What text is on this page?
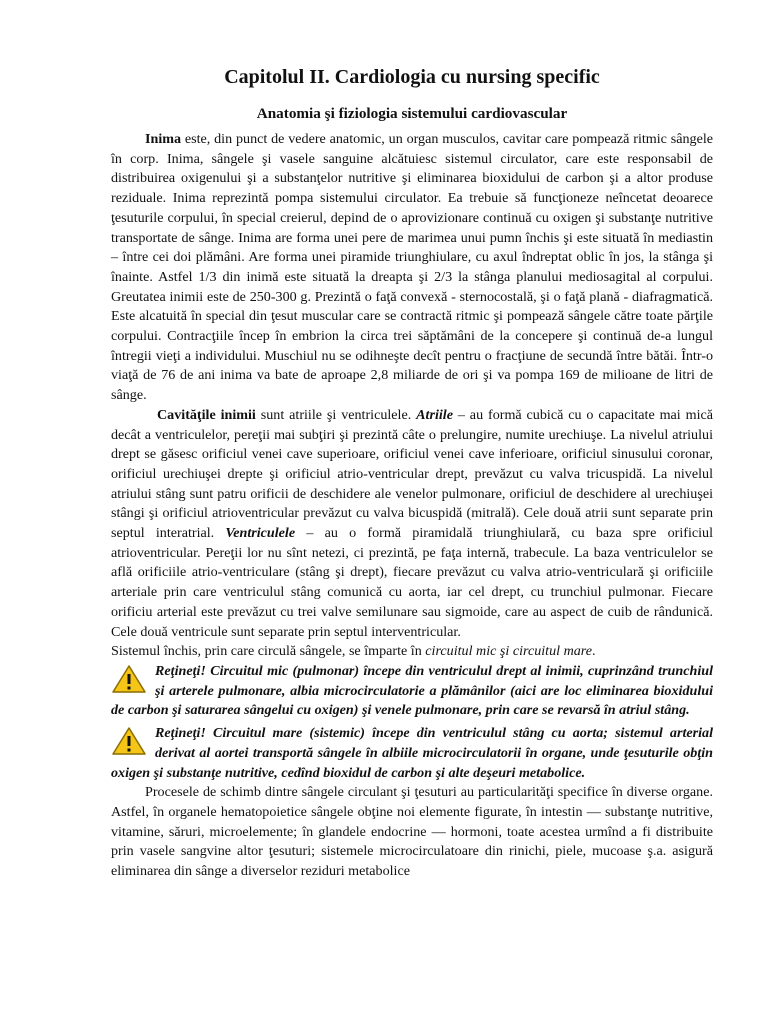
Capitolul II. Cardiologia cu nursing specific
Anatomia şi fiziologia sistemului cardiovascular

Inima este, din punct de vedere anatomic, un organ musculos, cavitar care pompează ritmic sângele în corp. Inima, sângele şi vasele sanguine alcătuiesc sistemul circulator, care este responsabil de distribuirea oxigenului şi a substanţelor nutritive şi eliminarea bioxidului de carbon şi a altor produse reziduale. Inima reprezintă pompa sistemului circulator. Ea trebuie să funcţioneze neîncetat deoarece ţesuturile corpului, în special creierul, depind de o aprovizionare continuă cu oxigen şi substanţe nutritive transportate de sânge. Inima are forma unei pere de marimea unui pumn închis şi este situată în mediastin – între cei doi plămâni. Are forma unei piramide triunghiulare, cu axul îndreptat oblic în jos, la stânga şi înainte. Astfel 1/3 din inimă este situată la dreapta şi 2/3 la stânga planului mediosagital al corpului. Greutatea inimii este de 250-300 g. Prezintă o faţă convexă - sternocostală, şi o faţă plană - diafragmatică. Este alcatuită în special din ţesut muscular care se contractă ritmic şi pompează sângele către toate părţile corpului. Contracţiile încep în embrion la circa trei săptămâni de la concepere şi continuă de-a lungul întregii vieţi a individului. Muschiul nu se odihneşte decît pentru o fracţiune de secundă între bătăi. Într-o viaţă de 76 de ani inima va bate de aproape 2,8 miliarde de ori şi va pompa 169 de milioane de litri de sânge.

Cavităţile inimii sunt atriile şi ventriculele. Atriile – au formă cubică cu o capacitate mai mică decât a ventriculelor, pereţii mai subţiri şi prezintă câte o prelungire, numite urechiuşe. La nivelul atriului drept se găsesc orificiul venei cave superioare, orificiul venei cave inferioare, orificiul sinusului coronar, orificiul urechiuşei drepte şi orificiul atrio-ventricular drept, prevăzut cu valva tricuspidă. La nivelul atriului stâng sunt patru orificii de deschidere ale venelor pulmonare, orificiul de deschidere al urechiuşei stângi şi orificiul atrioventricular prevăzut cu valva bicuspidă (mitrală). Cele două atrii sunt separate prin septul interatrial. Ventriculele – au o formă piramidală triunghiulară, cu baza spre orificiul atrioventricular. Pereţii lor nu sînt netezi, ci prezintă, pe faţa internă, trabecule. La baza ventriculelor se află orificiile atrio-ventriculare (stâng şi drept), fiecare prevăzut cu valva atrio-ventriculară şi orificiile arteriale prin care ventriculul stâng comunică cu aorta, iar cel drept, cu trunchiul pulmonar. Fiecare orificiu arterial este prevăzut cu trei valve semilunare sau sigmoide, care au aspect de cuib de rândunică. Cele două ventricule sunt separate prin septul interventricular.

Sistemul închis, prin care circulă sângele, se împarte în circuitul mic şi circuitul mare.

Reţineţi! Circuitul mic (pulmonar) începe din ventriculul drept al inimii, cuprinzând trunchiul şi arterele pulmonare, albia microcirculatorie a plămânilor (aici are loc eliminarea bioxidului de carbon şi saturarea sângelui cu oxigen) şi venele pulmonare, prin care se revarsă în atriul stâng.
Reţineţi! Circuitul mare (sistemic) începe din ventriculul stâng cu aorta; sistemul arterial derivat al aortei transportă sângele în albiile microcirculatorii în organe, unde ţesuturile obţin oxigen şi substanţe nutritive, cedînd bioxidul de carbon şi alte deşeuri metabolice.

Procesele de schimb dintre sângele circulant şi ţesuturi au particularităţi specifice în diverse organe. Astfel, în organele hematopoietice sângele obţine noi elemente figurate, în intestin — substanţe nutritive, vitamine, săruri, microelemente; în glandele endocrine — hormoni, toate acestea urmînd a fi distribuite prin vasele sangvine altor ţesuturi; sistemele microcirculatoare din rinichi, piele, mucoase ş.a. asigură eliminarea din sânge a diverselor reziduri metabolice
